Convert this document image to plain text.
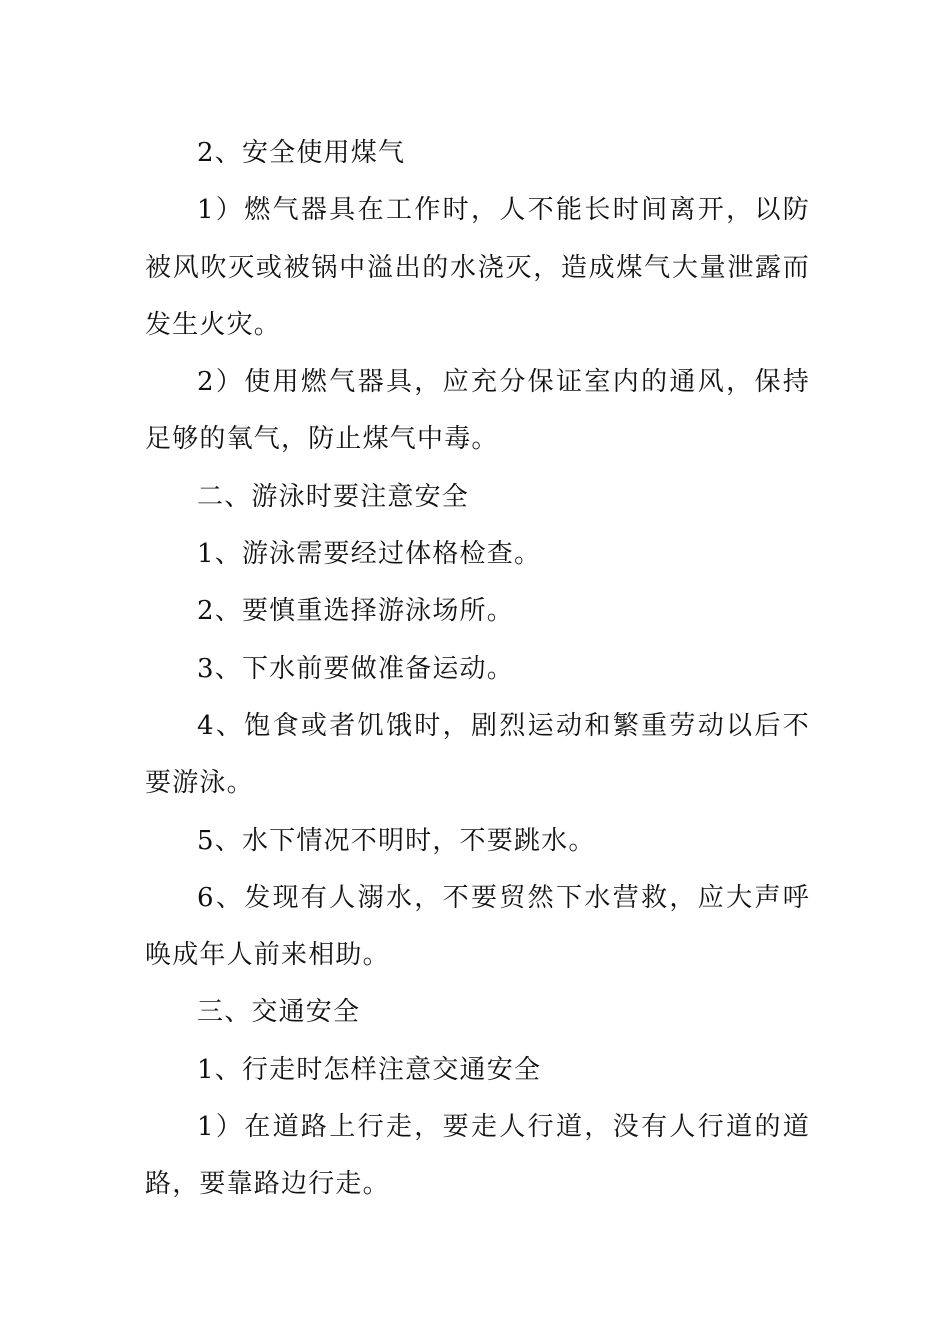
2、安全使用煤气

1）燃气器具在工作时，人不能长时间离开，以防被风吹灭或被锅中溢出的水浇灭，造成煤气大量泄露而发生火灾。

2）使用燃气器具，应充分保证室内的通风，保持足够的氧气，防止煤气中毒。

二、游泳时要注意安全

1、游泳需要经过体格检查。

2、要慎重选择游泳场所。

3、下水前要做准备运动。

4、饱食或者饥饿时，剧烈运动和繁重劳动以后不要游泳。

5、水下情况不明时，不要跳水。

6、发现有人溺水，不要贸然下水营救，应大声呼唤成年人前来相助。

三、交通安全

1、行走时怎样注意交通安全

1）在道路上行走，要走人行道，没有人行道的道路，要靠路边行走。
